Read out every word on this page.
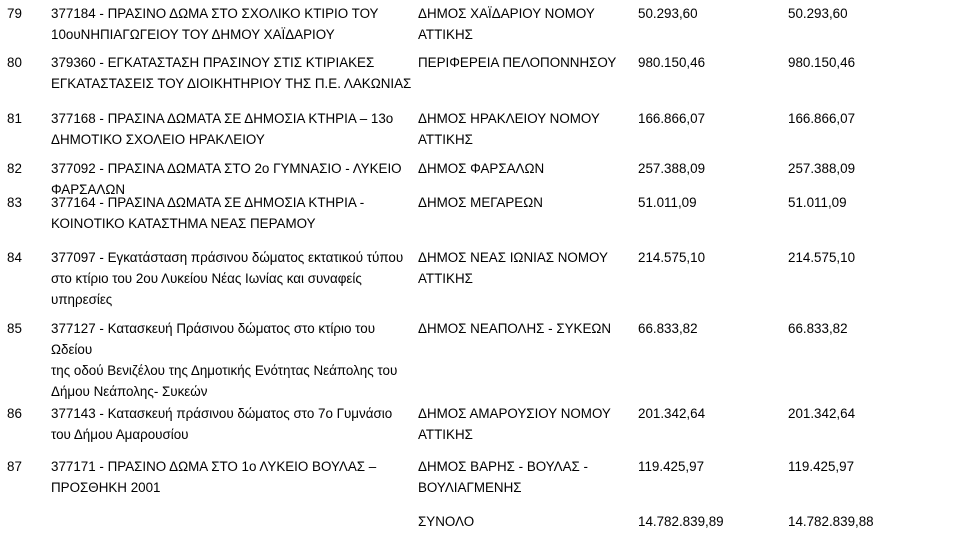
79 377184 - ΠΡΑΣΙΝΟ ΔΩΜΑ ΣΤΟ ΣΧΟΛΙΚΟ ΚΤΙΡΙΟ ΤΟΥ
10ουΝΗΠΙΑΓΩΓΕΙΟΥ ΤΟΥ ΔΗΜΟΥ ΧΑΪΔΑΡΙΟΥ
ΔΗΜΟΣ ΧΑΪΔΑΡΙΟΥ ΝΟΜΟΥ
ΑΤΤΙΚΗΣ
50.293,60	50.293,60
80 379360 - ΕΓΚΑΤΑΣΤΑΣΗ ΠΡΑΣΙΝΟΥ ΣΤΙΣ ΚΤΙΡΙΑΚΕΣ
ΕΓΚΑΤΑΣΤΑΣΕΙΣ ΤΟΥ ΔΙΟΙΚΗΤΗΡΙΟΥ ΤΗΣ Π.Ε. ΛΑΚΩΝΙΑΣ
ΠΕΡΙΦΕΡΕΙΑ ΠΕΛΟΠΟΝΝΗΣΟΥ 980.150,46	980.150,46
81 377168 - ΠΡΑΣΙΝΑ ΔΩΜΑΤΑ ΣΕ ΔΗΜΟΣΙΑ ΚΤΗΡΙΑ – 13ο
ΔΗΜΟΤΙΚΟ ΣΧΟΛΕΙΟ ΗΡΑΚΛΕΙΟΥ
ΔΗΜΟΣ ΗΡΑΚΛΕΙΟΥ ΝΟΜΟΥ
ΑΤΤΙΚΗΣ
166.866,07	166.866,07
82 377092 - ΠΡΑΣΙΝΑ ΔΩΜΑΤΑ ΣΤΟ 2ο ΓΥΜΝΑΣΙΟ - ΛΥΚΕΙΟ
ΦΑΡΣΑΛΩΝ
ΔΗΜΟΣ ΦΑΡΣΑΛΩΝ	257.388,09	257.388,09
83 377164 - ΠΡΑΣΙΝΑ ΔΩΜΑΤΑ ΣΕ ΔΗΜΟΣΙΑ ΚΤΗΡΙΑ -
ΚΟΙΝΟΤΙΚΟ ΚΑΤΑΣΤΗΜΑ ΝΕΑΣ ΠΕΡΑΜΟΥ
ΔΗΜΟΣ ΜΕΓΑΡΕΩΝ	51.011,09	51.011,09
84 377097 - Εγκατάσταση πράσινου δώματος εκτατικού τύπου
στο κτίριο του 2ου Λυκείου Νέας Ιωνίας και συναφείς
υπηρεσίες
ΔΗΜΟΣ ΝΕΑΣ ΙΩΝΙΑΣ ΝΟΜΟΥ
ΑΤΤΙΚΗΣ
214.575,10	214.575,10
85 377127 - Κατασκευή Πράσινου δώματος στο κτίριο του
Ωδείου
της οδού Βενιζέλου της Δημοτικής Ενότητας Νεάπολης του
Δήμου Νεάπολης- Συκεών
ΔΗΜΟΣ ΝΕΑΠΟΛΗΣ - ΣΥΚΕΩΝ 66.833,82	66.833,82
86 377143 - Κατασκευή πράσινου δώματος στο 7ο Γυμνάσιο
του Δήμου Αμαρουσίου
ΔΗΜΟΣ ΑΜΑΡΟΥΣΙΟΥ ΝΟΜΟΥ
ΑΤΤΙΚΗΣ
201.342,64	201.342,64
87 377171 - ΠΡΑΣΙΝΟ ΔΩΜΑ ΣΤΟ 1ο ΛΥΚΕΙΟ ΒΟΥΛΑΣ –
ΠΡΟΣΘΗΚΗ 2001
ΔΗΜΟΣ ΒΑΡΗΣ - ΒΟΥΛΑΣ -
ΒΟΥΛΙΑΓΜΕΝΗΣ
119.425,97	119.425,97
ΣΥΝΟΛΟ	14.782.839,89	14.782.839,88
